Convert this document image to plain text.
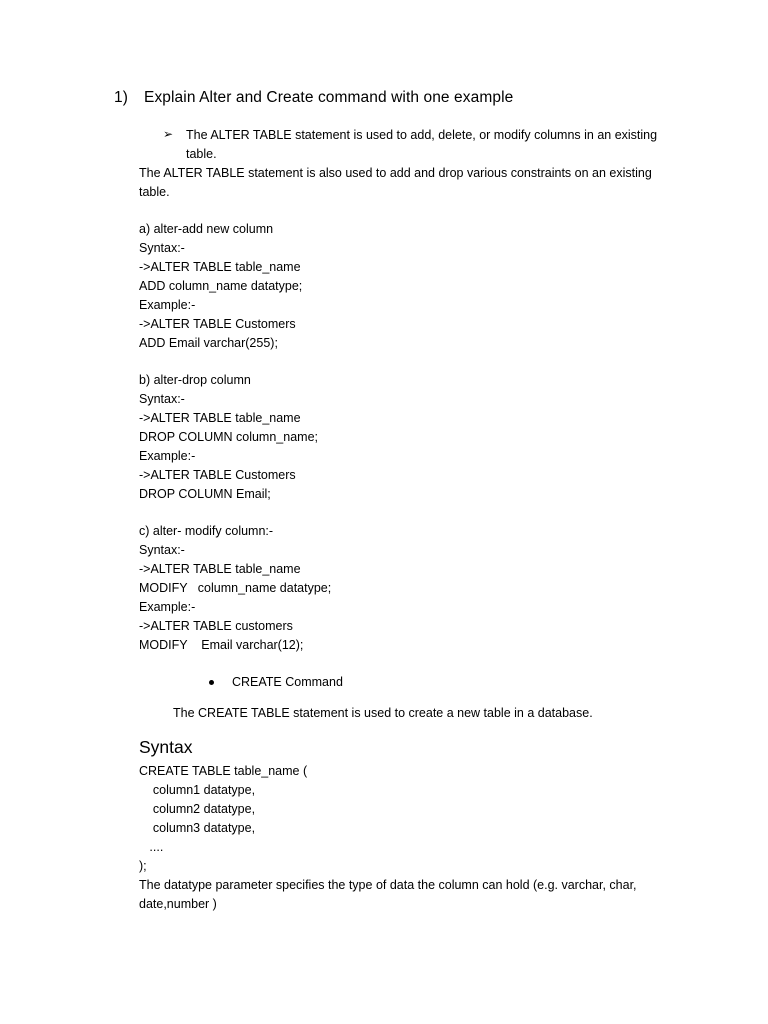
1) Explain Alter and Create command with one example
➢ The ALTER TABLE statement is used to add, delete, or modify columns in an existing
table.
The ALTER TABLE statement is also used to add and drop various constraints on an existing
table.
a) alter-add new column
Syntax:-
->ALTER TABLE table_name
ADD column_name datatype;
Example:-
->ALTER TABLE Customers
ADD Email varchar(255);
b) alter-drop column
Syntax:-
->ALTER TABLE table_name
DROP COLUMN column_name;
Example:-
->ALTER TABLE Customers
DROP COLUMN Email;
c) alter- modify column:-
Syntax:-
->ALTER TABLE table_name
MODIFY   column_name datatype;
Example:-
->ALTER TABLE customers
MODIFY    Email varchar(12);
CREATE Command
The CREATE TABLE statement is used to create a new table in a database.
Syntax
CREATE TABLE table_name (
column1 datatype,
column2 datatype,
column3 datatype,
....
);
The datatype parameter specifies the type of data the column can hold (e.g. varchar, char,
date,number )
